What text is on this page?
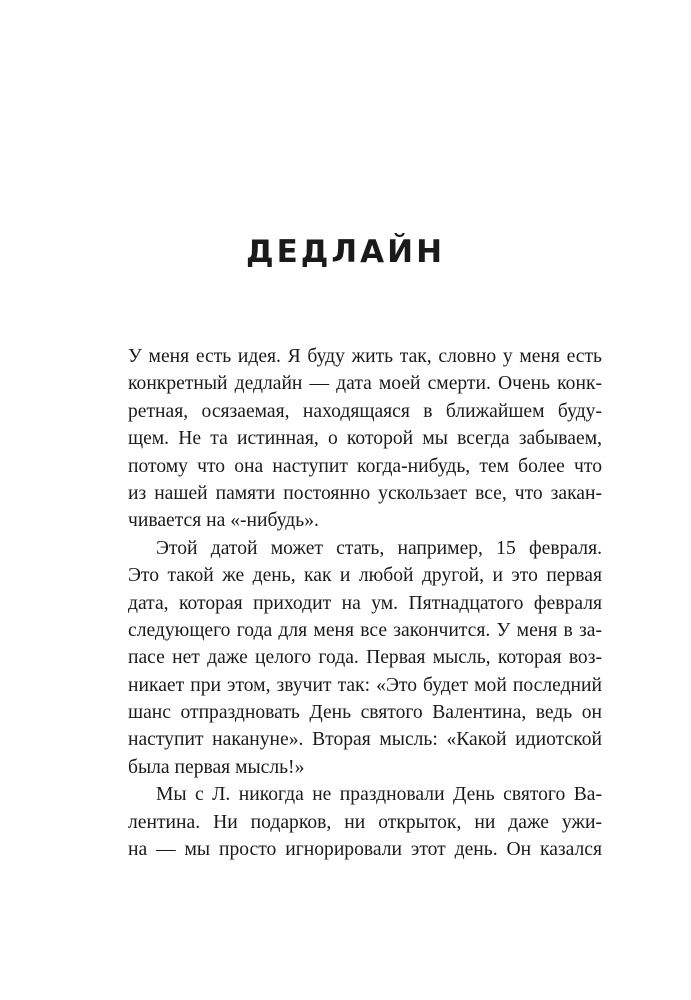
ДЕДЛАЙН
У меня есть идея. Я буду жить так, словно у меня есть
конкретный дедлайн — дата моей смерти. Очень конк-
ретная, осязаемая, находящаяся в ближайшем буду-
щем. Не та истинная, о которой мы всегда забываем,
потому что она наступит когда-нибудь, тем более что
из нашей памяти постоянно ускользает все, что закан-
чивается на «-нибудь».
Этой датой может стать, например, 15 февраля.
Это такой же день, как и любой другой, и это первая
дата, которая приходит на ум. Пятнадцатого февраля
следующего года для меня все закончится. У меня в за-
пасе нет даже целого года. Первая мысль, которая воз-
никает при этом, звучит так: «Это будет мой последний
шанс отпраздновать День святого Валентина, ведь он
наступит накануне». Вторая мысль: «Какой идиотской
была первая мысль!»
Мы с Л. никогда не праздновали День святого Ва-
лентина. Ни подарков, ни открыток, ни даже ужи-
на — мы просто игнорировали этот день. Он казался
